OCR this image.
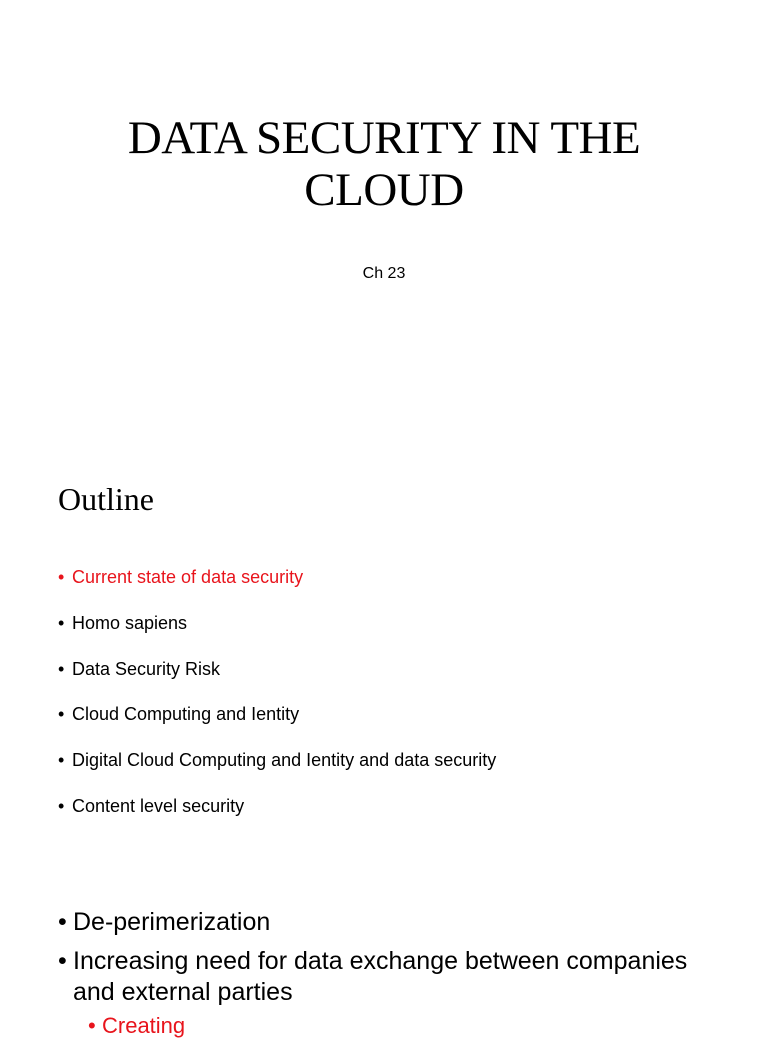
DATA SECURITY IN THE
CLOUD
Ch 23
Outline
• Current state of data security
• Homo sapiens
• Data Security Risk
• Cloud Computing and Ientity
• Digital Cloud Computing and Ientity and data security
• Content level security
• De-perimerization
• Increasing need for data exchange between companies and external parties
• Creating
